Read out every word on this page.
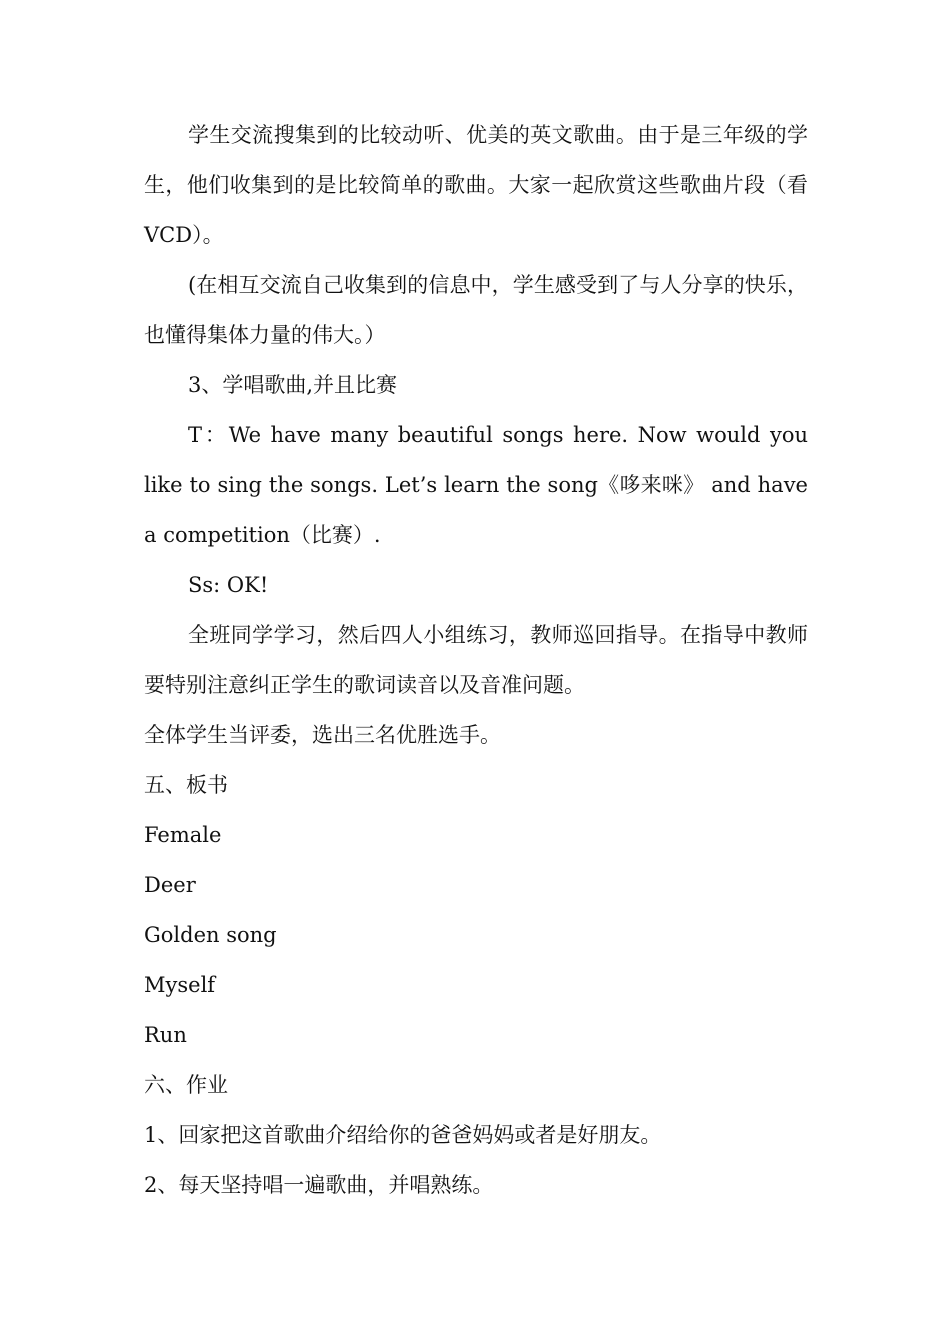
学生交流搜集到的比较动听、优美的英文歌曲。由于是三年级的学生，他们收集到的是比较简单的歌曲。大家一起欣赏这些歌曲片段（看 VCD）。

(在相互交流自己收集到的信息中，学生感受到了与人分享的快乐，也懂得集体力量的伟大。）

3、学唱歌曲,并且比赛

T：We have many beautiful songs here. Now would you like to sing the songs. Let’s learn the song《哆来咪》 and have a competition（比赛）.

Ss: OK!

全班同学学习，然后四人小组练习，教师巡回指导。在指导中教师要特别注意纠正学生的歌词读音以及音准问题。

全体学生当评委，选出三名优胜选手。

五、板书

Female

Deer

Golden song

Myself

Run

六、作业

1、回家把这首歌曲介绍给你的爸爸妈妈或者是好朋友。

2、每天坚持唱一遍歌曲，并唱熟练。
